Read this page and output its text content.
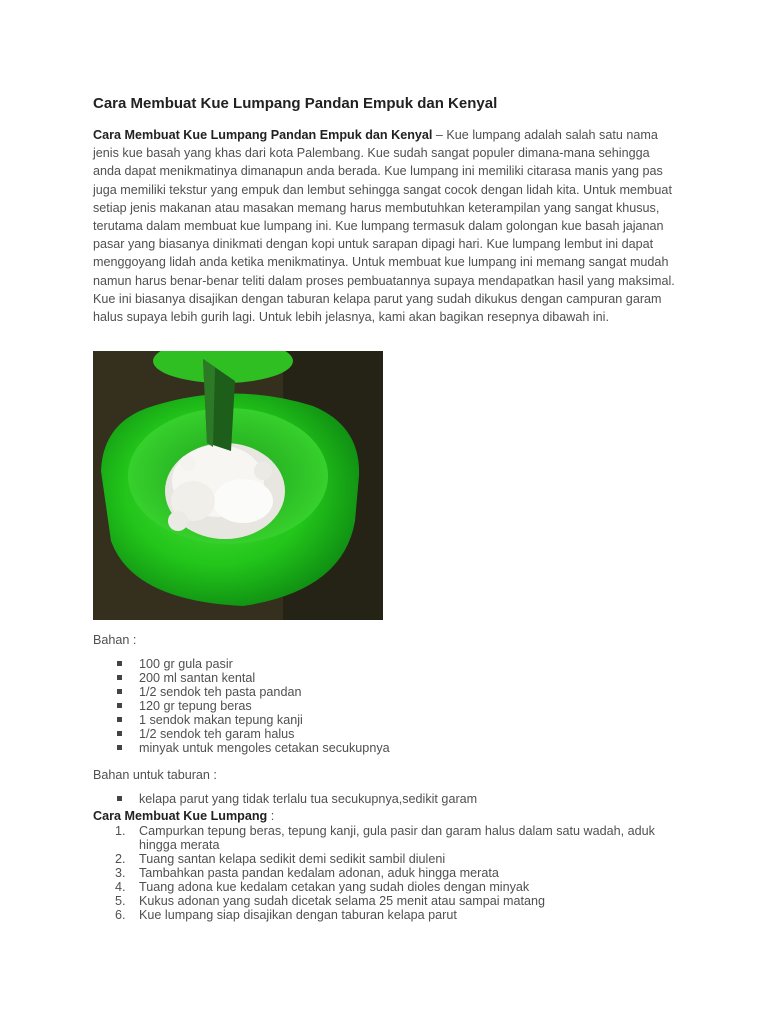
Cara Membuat Kue Lumpang Pandan Empuk dan Kenyal

Cara Membuat Kue Lumpang Pandan Empuk dan Kenyal – Kue lumpang adalah salah satu nama jenis kue basah yang khas dari kota Palembang. Kue sudah sangat populer dimana-mana sehingga anda dapat menikmatinya dimanapun anda berada. Kue lumpang ini memiliki citarasa manis yang pas juga memiliki tekstur yang empuk dan lembut sehingga sangat cocok dengan lidah kita. Untuk membuat setiap jenis makanan atau masakan memang harus membutuhkan keterampilan yang sangat khusus, terutama dalam membuat kue lumpang ini. Kue lumpang termasuk dalam golongan kue basah jajanan pasar yang biasanya dinikmati dengan kopi untuk sarapan dipagi hari. Kue lumpang lembut ini dapat menggoyang lidah anda ketika menikmatinya. Untuk membuat kue lumpang ini memang sangat mudah namun harus benar-benar teliti dalam proses pembuatannya supaya mendapatkan hasil yang maksimal. Kue ini biasanya disajikan dengan taburan kelapa parut yang sudah dikukus dengan campuran garam halus supaya lebih gurih lagi. Untuk lebih jelasnya, kami akan bagikan resepnya dibawah ini.

Bahan :

100 gr gula pasir
200 ml santan kental
1/2 sendok teh pasta pandan
120 gr tepung beras
1 sendok makan tepung kanji
1/2 sendok teh garam halus
minyak untuk mengoles cetakan secukupnya

Bahan untuk taburan :

kelapa parut yang tidak terlalu tua secukupnya,sedikit garam

Cara Membuat Kue Lumpang :

1. Campurkan tepung beras, tepung kanji, gula pasir dan garam halus dalam satu wadah, aduk hingga merata
2. Tuang santan kelapa sedikit demi sedikit sambil diuleni
3. Tambahkan pasta pandan kedalam adonan, aduk hingga merata
4. Tuang adona kue kedalam cetakan yang sudah dioles dengan minyak
5. Kukus adonan yang sudah dicetak selama 25 menit atau sampai matang
6. Kue lumpang siap disajikan dengan taburan kelapa parut
